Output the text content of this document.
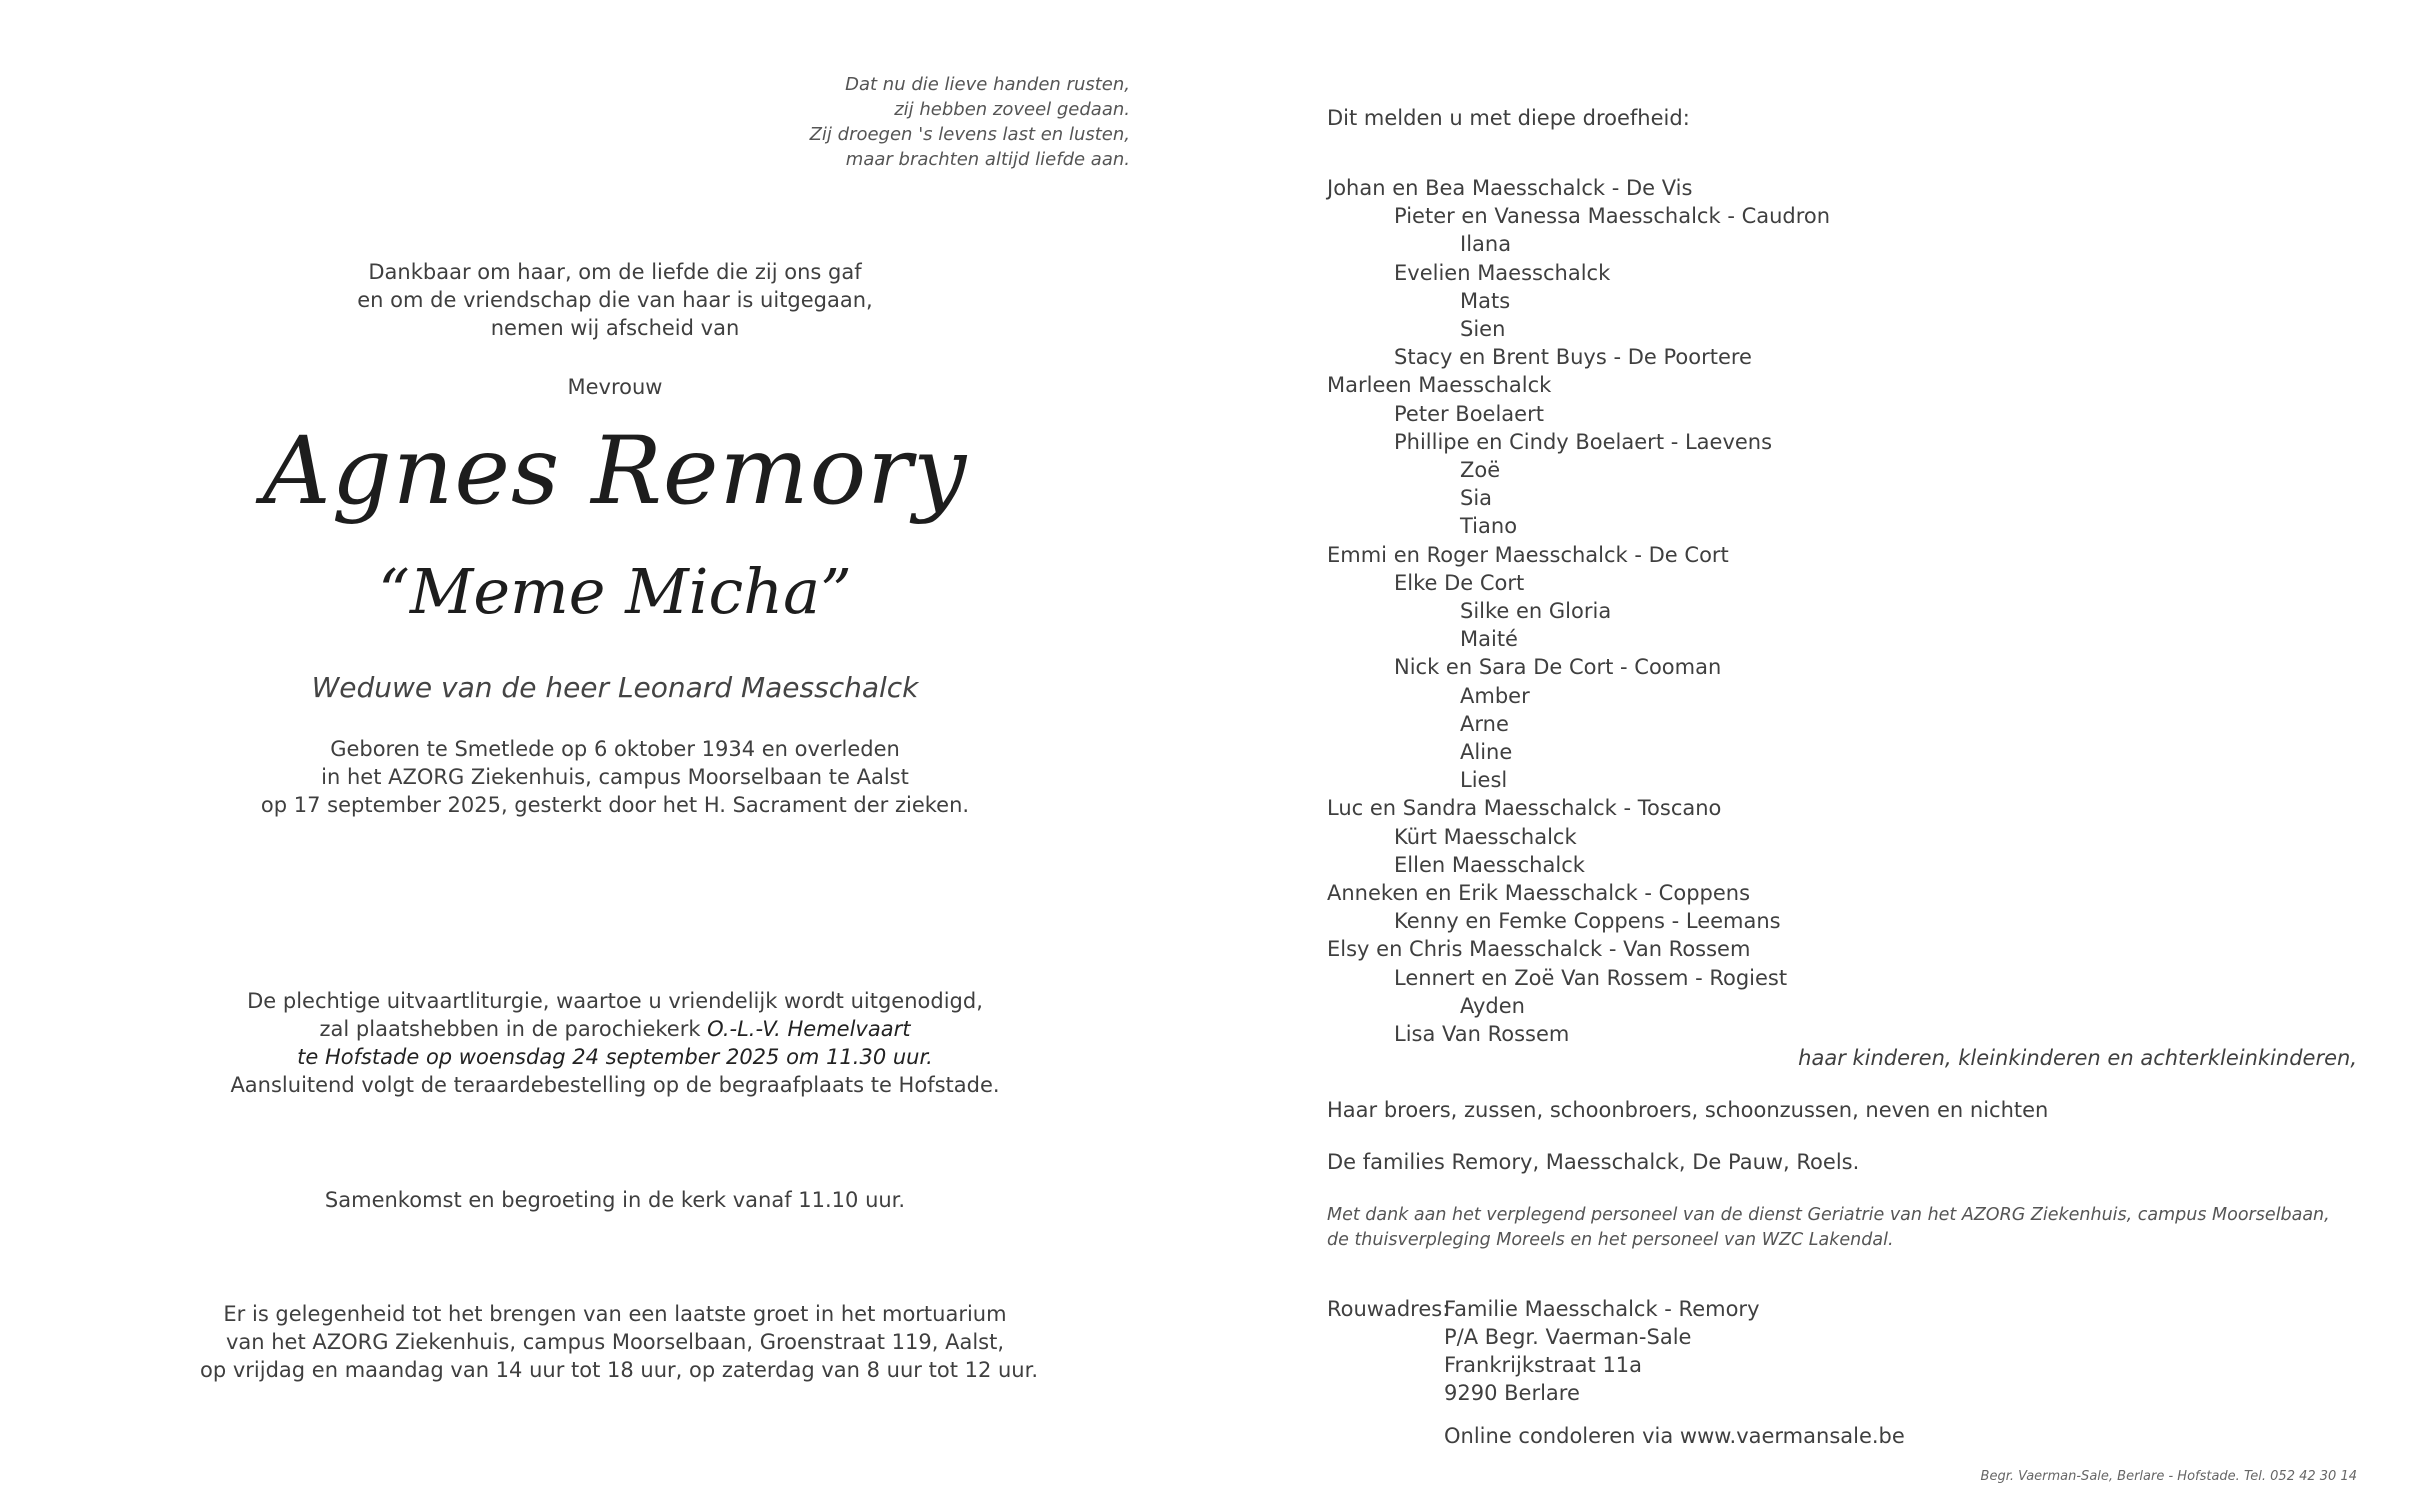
Dat nu die lieve handen rusten,
zij hebben zoveel gedaan.
Zij droegen 's levens last en lusten,
maar brachten altijd liefde aan.
Dankbaar om haar, om de liefde die zij ons gaf
en om de vriendschap die van haar is uitgegaan,
nemen wij afscheid van
Mevrouw
Agnes Remory
“Meme Micha”
Weduwe van de heer Leonard Maesschalck
Geboren te Smetlede op 6 oktober 1934 en overleden
in het AZORG Ziekenhuis, campus Moorselbaan te Aalst
op 17 september 2025, gesterkt door het H. Sacrament der zieken.
De plechtige uitvaartliturgie, waartoe u vriendelijk wordt uitgenodigd,
zal plaatshebben in de parochiekerk O.-L.-V. Hemelvaart
te Hofstade op woensdag 24 september 2025 om 11.30 uur.
Aansluitend volgt de teraardebestelling op de begraafplaats te Hofstade.
Samenkomst en begroeting in de kerk vanaf 11.10 uur.
Er is gelegenheid tot het brengen van een laatste groet in het mortuarium
van het AZORG Ziekenhuis, campus Moorselbaan, Groenstraat 119, Aalst,
op vrijdag en maandag van 14 uur tot 18 uur, op zaterdag van 8 uur tot 12 uur.
Dit melden u met diepe droefheid:
Johan en Bea Maesschalck - De Vis
Pieter en Vanessa Maesschalck - Caudron
Ilana
Evelien Maesschalck
Mats
Sien
Stacy en Brent Buys - De Poortere
Marleen Maesschalck
Peter Boelaert
Phillipe en Cindy Boelaert - Laevens
Zoë
Sia
Tiano
Emmi en Roger Maesschalck - De Cort
Elke De Cort
Silke en Gloria
Maité
Nick en Sara De Cort - Cooman
Amber
Arne
Aline
Liesl
Luc en Sandra Maesschalck - Toscano
Kürt Maesschalck
Ellen Maesschalck
Anneken en Erik Maesschalck - Coppens
Kenny en Femke Coppens - Leemans
Elsy en Chris Maesschalck - Van Rossem
Lennert en Zoë Van Rossem - Rogiest
Ayden
Lisa Van Rossem
haar kinderen, kleinkinderen en achterkleinkinderen,
Haar broers, zussen, schoonbroers, schoonzussen, neven en nichten
De families Remory, Maesschalck, De Pauw, Roels.
Met dank aan het verplegend personeel van de dienst Geriatrie van het AZORG Ziekenhuis, campus Moorselbaan,
de thuisverpleging Moreels en het personeel van WZC Lakendal.
Rouwadres:Familie Maesschalck - Remory
P/A Begr. Vaerman-Sale
Frankrijkstraat 11a
9290 Berlare
Online condoleren via www.vaermansale.be
Begr. Vaerman-Sale, Berlare - Hofstade. Tel. 052 42 30 14
